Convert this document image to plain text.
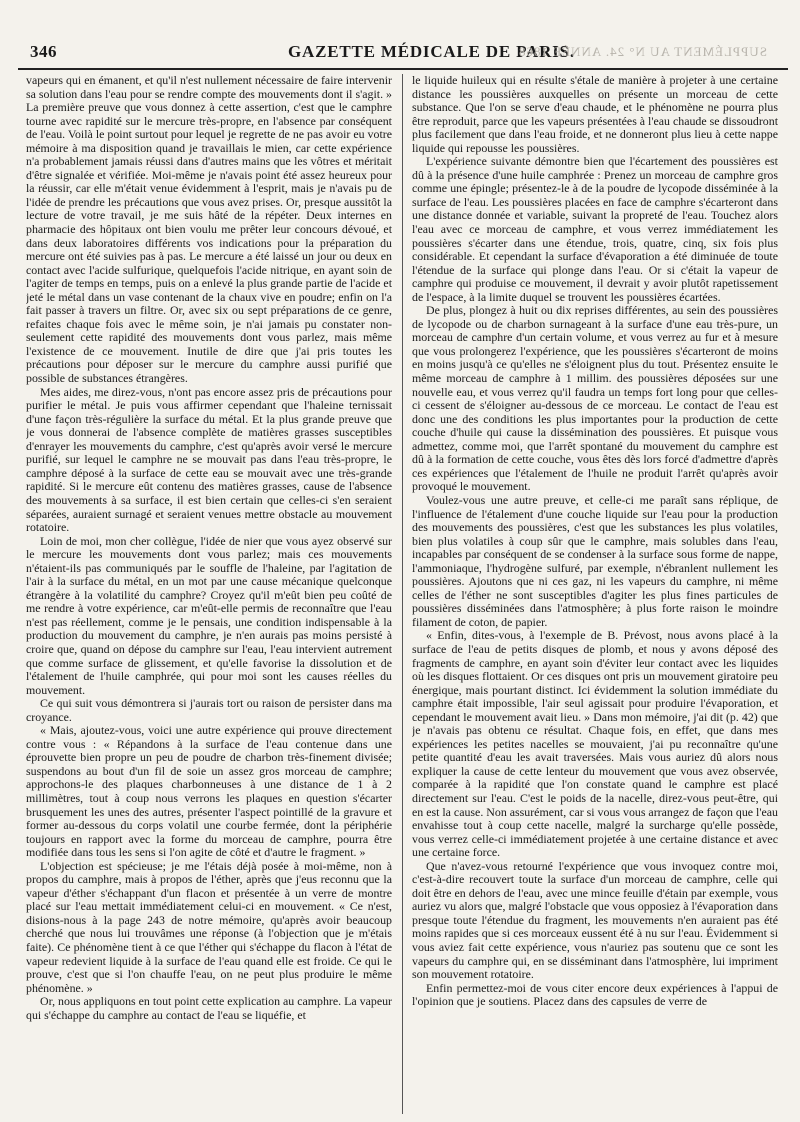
346	GAZETTE MÉDICALE DE PARIS.
SUPPLÉMENT AU N° 24. ANNÉE 1868

vapeurs qui en émanent, et qu'il n'est nullement nécessaire de faire intervenir sa solution dans l'eau pour se rendre compte des mouvements dont il s'agit. » La première preuve que vous donnez à cette assertion, c'est que le camphre tourne avec rapidité sur le mercure très-propre, en l'absence par conséquent de l'eau. Voilà le point surtout pour lequel je regrette de ne pas avoir eu votre mémoire à ma disposition quand je travaillais le mien, car cette expérience n'a probablement jamais réussi dans d'autres mains que les vôtres et méritait d'être signalée et vérifiée. Moi-même je n'avais point été assez heureux pour la réussir, car elle m'était venue évidemment à l'esprit, mais je n'avais pu de l'idée de prendre les précautions que vous avez prises. Or, presque aussitôt la lecture de votre travail, je me suis hâté de la répéter. Deux internes en pharmacie des hôpitaux ont bien voulu me prêter leur concours dévoué, et dans deux laboratoires différents vos indications pour la préparation du mercure ont été suivies pas à pas. Le mercure a été laissé un jour ou deux en contact avec l'acide sulfurique, quelquefois l'acide nitrique, en ayant soin de l'agiter de temps en temps, puis on a enlevé la plus grande partie de l'acide et jeté le métal dans un vase contenant de la chaux vive en poudre; enfin on l'a fait passer à travers un filtre. Or, avec six ou sept préparations de ce genre, refaites chaque fois avec le même soin, je n'ai jamais pu constater non-seulement cette rapidité des mouvements dont vous parlez, mais même l'existence de ce mouvement. Inutile de dire que j'ai pris toutes les précautions pour déposer sur le mercure du camphre aussi purifié que possible de substances étrangères.

Mes aides, me direz-vous, n'ont pas encore assez pris de précautions pour purifier le métal. Je puis vous affirmer cependant que l'haleine ternissait d'une façon très-régulière la surface du métal. Et la plus grande preuve que je vous donnerai de l'absence complète de matières grasses susceptibles d'enrayer les mouvements du camphre, c'est qu'après avoir versé le mercure purifié, sur lequel le camphre ne se mouvait pas dans l'eau très-propre, le camphre déposé à la surface de cette eau se mouvait avec une très-grande rapidité. Si le mercure eût contenu des matières grasses, cause de l'absence des mouvements à sa surface, il est bien certain que celles-ci s'en seraient séparées, auraient surnagé et seraient venues mettre obstacle au mouvement rotatoire.

Loin de moi, mon cher collègue, l'idée de nier que vous ayez observé sur le mercure les mouvements dont vous parlez; mais ces mouvements n'étaient-ils pas communiqués par le souffle de l'haleine, par l'agitation de l'air à la surface du métal, en un mot par une cause mécanique quelconque étrangère à la volatilité du camphre? Croyez qu'il m'eût bien peu coûté de me rendre à votre expérience, car m'eût-elle permis de reconnaître que l'eau n'est pas réellement, comme je le pensais, une condition indispensable à la production du mouvement du camphre, je n'en aurais pas moins persisté à croire que, quand on dépose du camphre sur l'eau, l'eau intervient autrement que comme surface de glissement, et qu'elle favorise la dissolution et de l'étalement de l'huile camphrée, qui pour moi sont les causes réelles du mouvement.

Ce qui suit vous démontrera si j'aurais tort ou raison de persister dans ma croyance.

« Mais, ajoutez-vous, voici une autre expérience qui prouve directement contre vous : « Répandons à la surface de l'eau contenue dans une éprouvette bien propre un peu de poudre de charbon très-finement divisée; suspendons au bout d'un fil de soie un assez gros morceau de camphre; approchons-le des plaques charbonneuses à une distance de 1 à 2 millimètres, tout à coup nous verrons les plaques en question s'écarter brusquement les unes des autres, présenter l'aspect pointillé de la gravure et former au-dessous du corps volatil une courbe fermée, dont la périphérie toujours en rapport avec la forme du morceau de camphre, pourra être modifiée dans tous les sens si l'on agite de côté et d'autre le fragment. »

L'objection est spécieuse; je me l'étais déjà posée à moi-même, non à propos du camphre, mais à propos de l'éther, après que j'eus reconnu que la vapeur d'éther s'échappant d'un flacon et présentée à un verre de montre placé sur l'eau mettait immédiatement celui-ci en mouvement. « Ce n'est, disions-nous à la page 243 de notre mémoire, qu'après avoir beaucoup cherché que nous lui trouvâmes une réponse (à l'objection que je m'étais faite). Ce phénomène tient à ce que l'éther qui s'échappe du flacon à l'état de vapeur redevient liquide à la surface de l'eau quand elle est froide. Ce qui le prouve, c'est que si l'on chauffe l'eau, on ne peut plus produire le même phénomène. »

Or, nous appliquons en tout point cette explication au camphre. La vapeur qui s'échappe du camphre au contact de l'eau se liquéfie, et

le liquide huileux qui en résulte s'étale de manière à projeter à une certaine distance les poussières auxquelles on présente un morceau de cette substance. Que l'on se serve d'eau chaude, et le phénomène ne pourra plus être reproduit, parce que les vapeurs présentées à l'eau chaude se dissoudront plus facilement que dans l'eau froide, et ne donneront plus lieu à cette nappe liquide qui repousse les poussières.

L'expérience suivante démontre bien que l'écartement des poussières est dû à la présence d'une huile camphrée : Prenez un morceau de camphre gros comme une épingle; présentez-le à de la poudre de lycopode disséminée à la surface de l'eau. Les poussières placées en face de camphre s'écarteront dans une distance donnée et variable, suivant la propreté de l'eau. Touchez alors l'eau avec ce morceau de camphre, et vous verrez immédiatement les poussières s'écarter dans une étendue, trois, quatre, cinq, six fois plus considérable. Et cependant la surface d'évaporation a été diminuée de toute l'étendue de la surface qui plonge dans l'eau. Or si c'était la vapeur de camphre qui produise ce mouvement, il devrait y avoir plutôt rapetissement de l'espace, à la limite duquel se trouvent les poussières écartées.

De plus, plongez à huit ou dix reprises différentes, au sein des poussières de lycopode ou de charbon surnageant à la surface d'une eau très-pure, un morceau de camphre d'un certain volume, et vous verrez au fur et à mesure que vous prolongerez l'expérience, que les poussières s'écarteront de moins en moins jusqu'à ce qu'elles ne s'éloignent plus du tout. Présentez ensuite le même morceau de camphre à 1 millim. des poussières déposées sur une nouvelle eau, et vous verrez qu'il faudra un temps fort long pour que celles-ci cessent de s'éloigner au-dessous de ce morceau. Le contact de l'eau est donc une des conditions les plus importantes pour la production de cette couche d'huile qui cause la dissémination des poussières. Et puisque vous admettez, comme moi, que l'arrêt spontané du mouvement du camphre est dû à la formation de cette couche, vous êtes dès lors forcé d'admettre d'après ces expériences que l'étalement de l'huile ne produit l'arrêt qu'après avoir provoqué le mouvement.

Voulez-vous une autre preuve, et celle-ci me paraît sans réplique, de l'influence de l'étalement d'une couche liquide sur l'eau pour la production des mouvements des poussières, c'est que les substances les plus volatiles, bien plus volatiles à coup sûr que le camphre, mais solubles dans l'eau, incapables par conséquent de se condenser à la surface sous forme de nappe, l'ammoniaque, l'hydrogène sulfuré, par exemple, n'ébranlent nullement les poussières. Ajoutons que ni ces gaz, ni les vapeurs du camphre, ni même celles de l'éther ne sont susceptibles d'agiter les plus fines particules de poussières disséminées dans l'atmosphère; à plus forte raison le moindre filament de coton, de papier.

« Enfin, dites-vous, à l'exemple de B. Prévost, nous avons placé à la surface de l'eau de petits disques de plomb, et nous y avons déposé des fragments de camphre, en ayant soin d'éviter leur contact avec les liquides où les disques flottaient. Or ces disques ont pris un mouvement giratoire peu énergique, mais pourtant distinct. Ici évidemment la solution immédiate du camphre était impossible, l'air seul agissait pour produire l'évaporation, et cependant le mouvement avait lieu. » Dans mon mémoire, j'ai dit (p. 42) que je n'avais pas obtenu ce résultat. Chaque fois, en effet, que dans mes expériences les petites nacelles se mouvaient, j'ai pu reconnaître qu'une petite quantité d'eau les avait traversées. Mais vous auriez dû alors nous expliquer la cause de cette lenteur du mouvement que vous avez observée, comparée à la rapidité que l'on constate quand le camphre est placé directement sur l'eau. C'est le poids de la nacelle, direz-vous peut-être, qui en est la cause. Non assurément, car si vous vous arrangez de façon que l'eau envahisse tout à coup cette nacelle, malgré la surcharge qu'elle possède, vous verrez celle-ci immédiatement projetée à une certaine distance et avec une certaine force.

Que n'avez-vous retourné l'expérience que vous invoquez contre moi, c'est-à-dire recouvert toute la surface d'un morceau de camphre, celle qui doit être en dehors de l'eau, avec une mince feuille d'étain par exemple, vous auriez vu alors que, malgré l'obstacle que vous opposiez à l'évaporation dans presque toute l'étendue du fragment, les mouvements n'en auraient pas été moins rapides que si ces morceaux eussent été à nu sur l'eau. Évidemment si vous aviez fait cette expérience, vous n'auriez pas soutenu que ce sont les vapeurs du camphre qui, en se disséminant dans l'atmosphère, lui impriment son mouvement rotatoire.

Enfin permettez-moi de vous citer encore deux expériences à l'appui de l'opinion que je soutiens. Placez dans des capsules de verre de
